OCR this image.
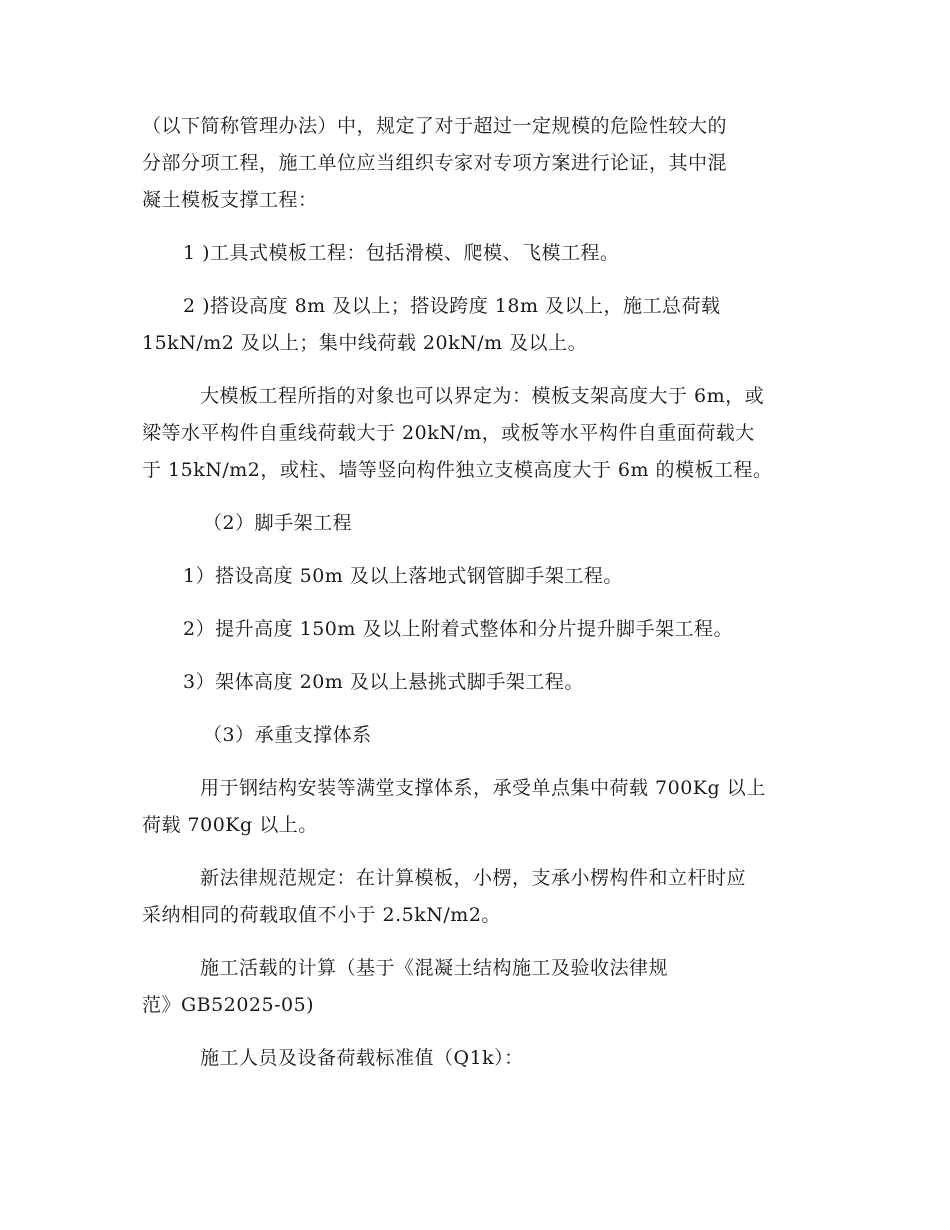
（以下简称管理办法）中，规定了对于超过一定规模的危险性较大的
分部分项工程，施工单位应当组织专家对专项方案进行论证，其中混
凝土模板支撑工程：
1 )工具式模板工程：包括滑模、爬模、飞模工程。
2 )搭设高度 8m 及以上；搭设跨度 18m 及以上，施工总荷载
15kN/m2 及以上；集中线荷载 20kN/m 及以上。
大模板工程所指的对象也可以界定为：模板支架高度大于 6m，或
梁等水平构件自重线荷载大于 20kN/m，或板等水平构件自重面荷载大
于 15kN/m2，或柱、墙等竖向构件独立支模高度大于 6m 的模板工程。
（2）脚手架工程
1）搭设高度 50m 及以上落地式钢管脚手架工程。
2）提升高度 150m 及以上附着式整体和分片提升脚手架工程。
3）架体高度 20m 及以上悬挑式脚手架工程。
（3）承重支撑体系
用于钢结构安装等满堂支撑体系，承受单点集中荷载 700Kg 以上
荷载 700Kg 以上。
新法律规范规定：在计算模板，小楞，支承小楞构件和立杆时应
采纳相同的荷载取值不小于 2.5kN/m2。
施工活载的计算（基于《混凝土结构施工及验收法律规
范》GB52025-05)
施工人员及设备荷载标准值（Q1k）：
